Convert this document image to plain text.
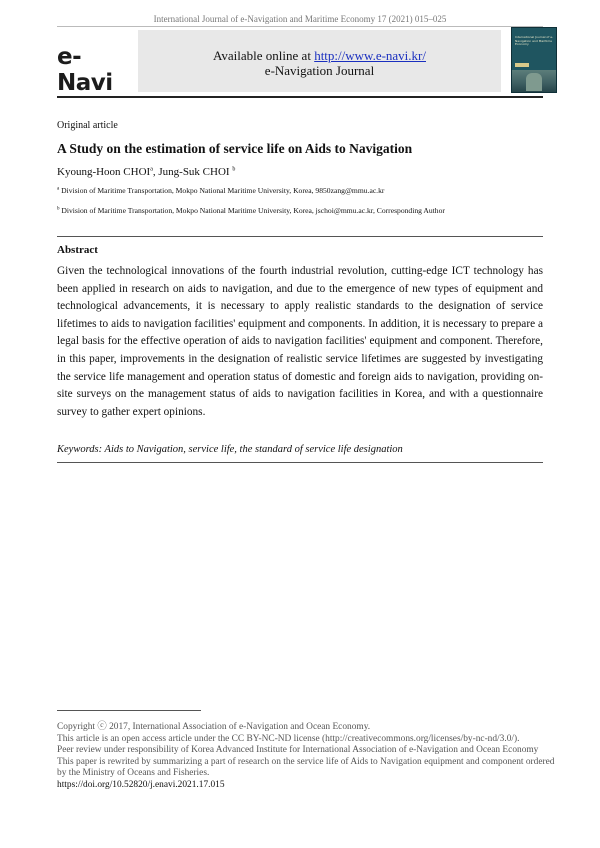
International Journal of e-Navigation and Maritime Economy 17 (2021) 015–025
e-Navi
Available online at http://www.e-navi.kr/
e-Navigation Journal
International Journal of e-Navigation and Maritime Economy
Original article
A Study on the estimation of service life on Aids to Navigation
Kyoung-Hoon CHOI$^a$, Jung-Suk CHOI $^b$
$^a$ Division of Maritime Transportation, Mokpo National Maritime University, Korea, 9850zang@mmu.ac.kr
$^b$ Division of Maritime Transportation, Mokpo National Maritime University, Korea, jschoi@mmu.ac.kr, Corresponding Author
Abstract
Given the technological innovations of the fourth industrial revolution, cutting-edge ICT technology has been applied in research on aids to navigation, and due to the emergence of new types of equipment and technological advancements, it is necessary to apply realistic standards to the designation of service lifetimes to aids to navigation facilities' equipment and components. In addition, it is necessary to prepare a legal basis for the effective operation of aids to navigation facilities' equipment and component. Therefore, in this paper, improvements in the designation of realistic service lifetimes are suggested by investigating the service life management and operation status of domestic and foreign aids to navigation, providing on-site surveys on the management status of aids to navigation facilities in Korea, and with a questionnaire survey to gather expert opinions.
Keywords: Aids to Navigation, service life, the standard of service life designation
Copyright ⓒ 2017, International Association of e-Navigation and Ocean Economy.
This article is an open access article under the CC BY-NC-ND license (http://creativecommons.org/licenses/by-nc-nd/3.0/).
Peer review under responsibility of Korea Advanced Institute for International Association of e-Navigation and Ocean Economy
This paper is rewrited by summarizing a part of research on the service life of Aids to Navigation equipment and component ordered by the Ministry of Oceans and Fisheries.
https://doi.org/10.52820/j.enavi.2021.17.015
